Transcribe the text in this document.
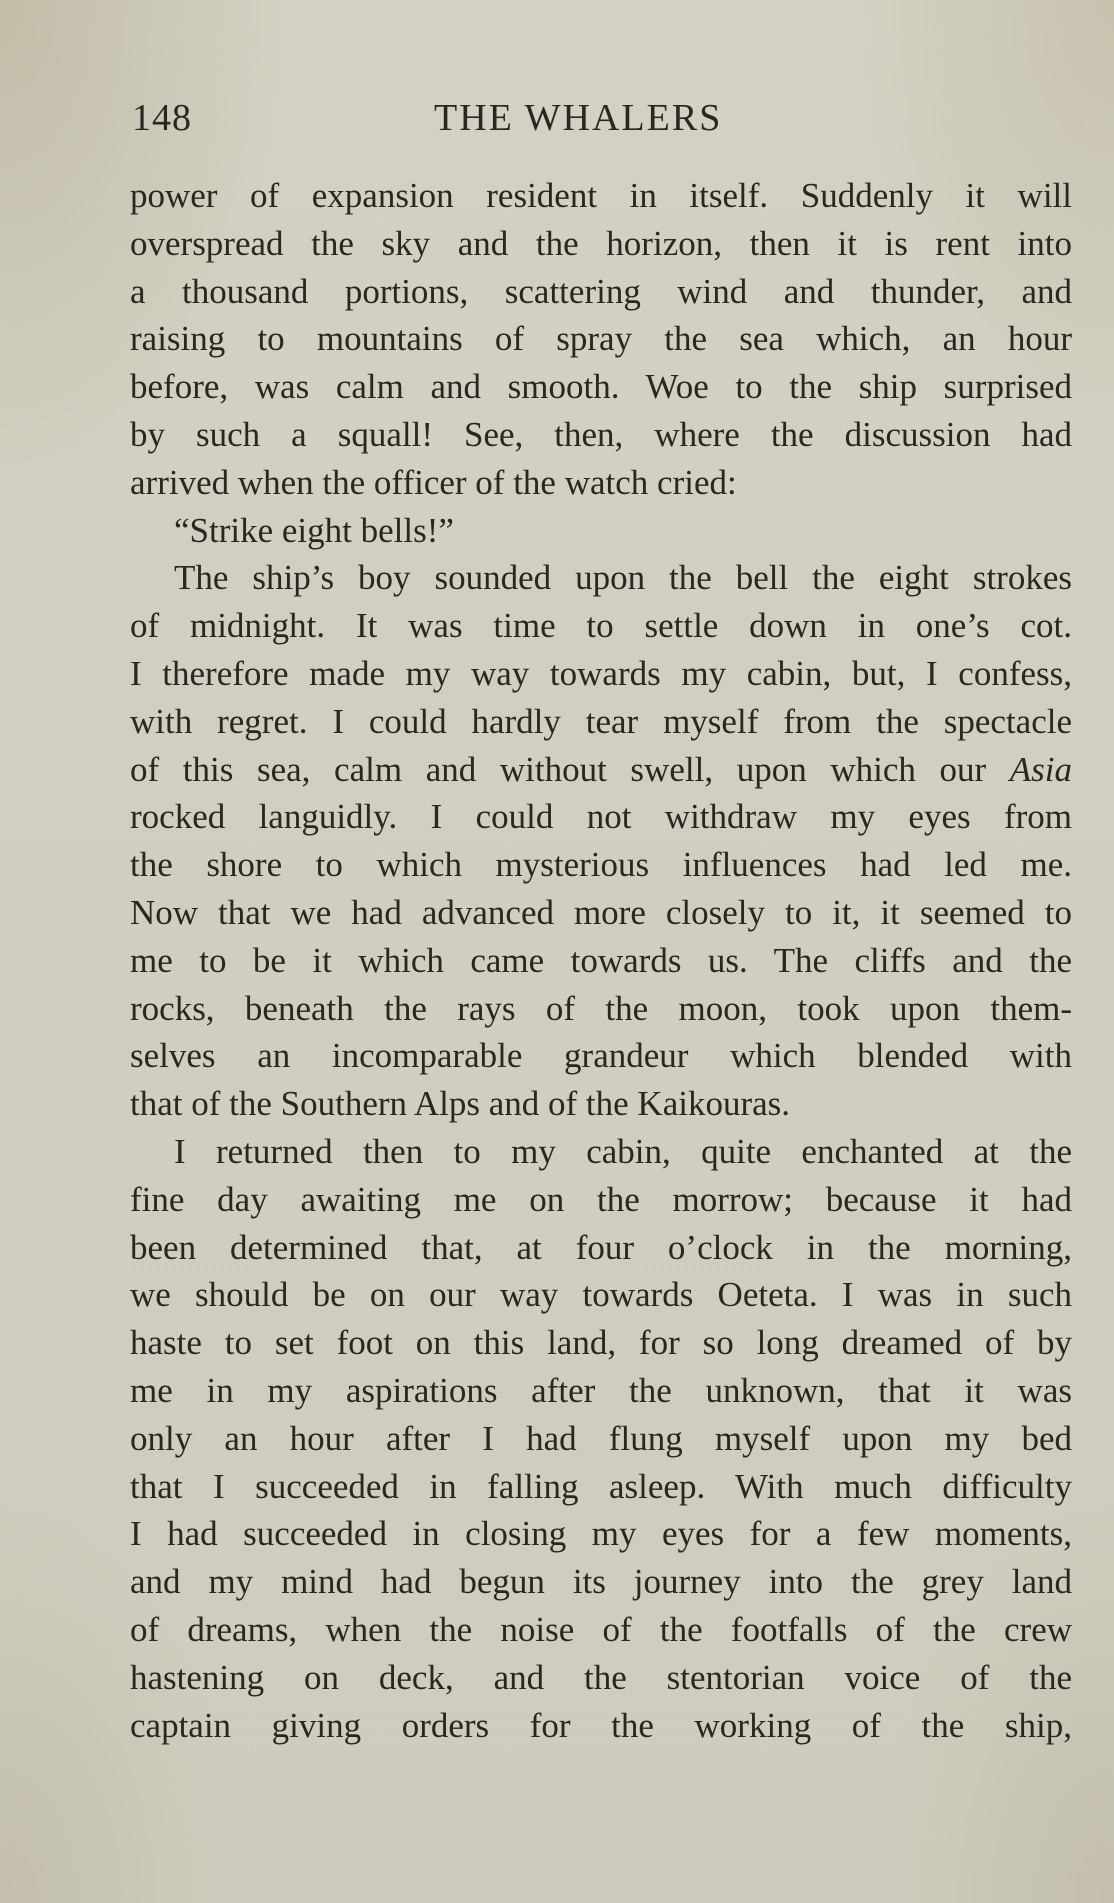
148	THE WHALERS
power of expansion resident in itself. Suddenly it will
overspread the sky and the horizon, then it is rent into
a thousand portions, scattering wind and thunder, and
raising to mountains of spray the sea which, an hour
before, was calm and smooth. Woe to the ship surprised
by such a squall! See, then, where the discussion had
arrived when the officer of the watch cried:
“Strike eight bells!”
The ship’s boy sounded upon the bell the eight strokes
of midnight. It was time to settle down in one’s cot.
I therefore made my way towards my cabin, but, I confess,
with regret. I could hardly tear myself from the spectacle
of this sea, calm and without swell, upon which our Asia
rocked languidly. I could not withdraw my eyes from
the shore to which mysterious influences had led me.
Now that we had advanced more closely to it, it seemed to
me to be it which came towards us. The cliffs and the
rocks, beneath the rays of the moon, took upon them-
selves an incomparable grandeur which blended with
that of the Southern Alps and of the Kaikouras.
I returned then to my cabin, quite enchanted at the
fine day awaiting me on the morrow; because it had
been determined that, at four o’clock in the morning,
we should be on our way towards Oeteta. I was in such
haste to set foot on this land, for so long dreamed of by
me in my aspirations after the unknown, that it was
only an hour after I had flung myself upon my bed
that I succeeded in falling asleep. With much difficulty
I had succeeded in closing my eyes for a few moments,
and my mind had begun its journey into the grey land
of dreams, when the noise of the footfalls of the crew
hastening on deck, and the stentorian voice of the
captain giving orders for the working of the ship,
